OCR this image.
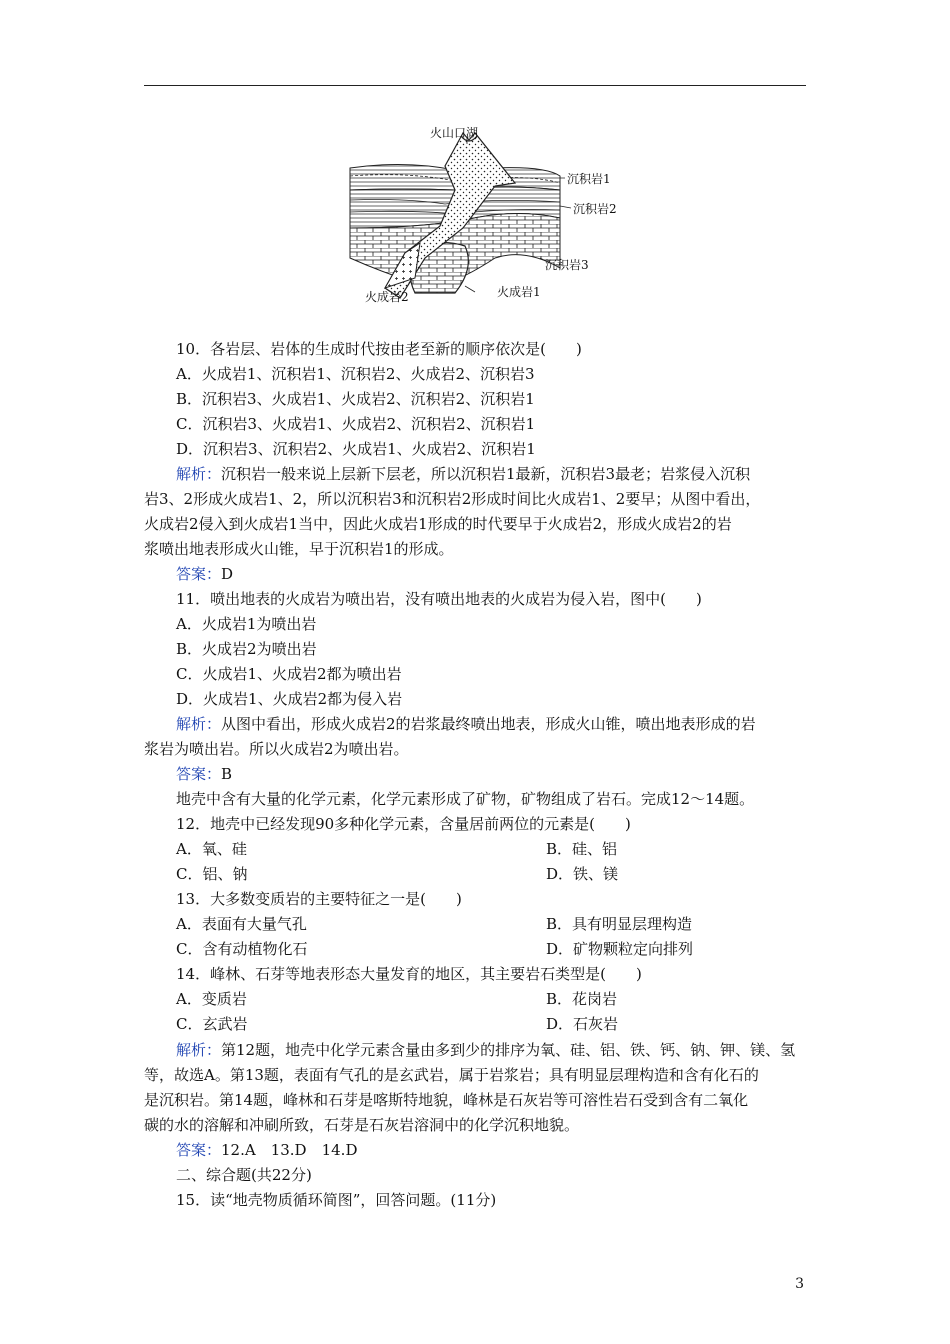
火山口湖
沉积岩1
沉积岩2
沉积岩3
火成岩2	火成岩1
10．各岩层、岩体的生成时代按由老至新的顺序依次是(　　)
A．火成岩1、沉积岩1、沉积岩2、火成岩2、沉积岩3
B．沉积岩3、火成岩1、火成岩2、沉积岩2、沉积岩1
C．沉积岩3、火成岩1、火成岩2、沉积岩2、沉积岩1
D．沉积岩3、沉积岩2、火成岩1、火成岩2、沉积岩1
解析：沉积岩一般来说上层新下层老，所以沉积岩1最新，沉积岩3最老；岩浆侵入沉积
岩3、2形成火成岩1、2，所以沉积岩3和沉积岩2形成时间比火成岩1、2要早；从图中看出，
火成岩2侵入到火成岩1当中，因此火成岩1形成的时代要早于火成岩2，形成火成岩2的岩
浆喷出地表形成火山锥，早于沉积岩1的形成。
答案：D
11．喷出地表的火成岩为喷出岩，没有喷出地表的火成岩为侵入岩，图中(　　)
A．火成岩1为喷出岩
B．火成岩2为喷出岩
C．火成岩1、火成岩2都为喷出岩
D．火成岩1、火成岩2都为侵入岩
解析：从图中看出，形成火成岩2的岩浆最终喷出地表，形成火山锥，喷出地表形成的岩
浆岩为喷出岩。所以火成岩2为喷出岩。
答案：B
地壳中含有大量的化学元素，化学元素形成了矿物，矿物组成了岩石。完成12～14题。
12．地壳中已经发现90多种化学元素，含量居前两位的元素是(　　)
A．氧、硅	B．硅、铝
C．铝、钠	D．铁、镁
13．大多数变质岩的主要特征之一是(　　)
A．表面有大量气孔	B．具有明显层理构造
C．含有动植物化石	D．矿物颗粒定向排列
14．峰林、石芽等地表形态大量发育的地区，其主要岩石类型是(　　)
A．变质岩	B．花岗岩
C．玄武岩	D．石灰岩
解析：第12题，地壳中化学元素含量由多到少的排序为氧、硅、铝、铁、钙、钠、钾、镁、氢
等，故选A。第13题，表面有气孔的是玄武岩，属于岩浆岩；具有明显层理构造和含有化石的
是沉积岩。第14题，峰林和石芽是喀斯特地貌，峰林是石灰岩等可溶性岩石受到含有二氧化
碳的水的溶解和冲刷所致，石芽是石灰岩溶洞中的化学沉积地貌。
答案：12.A　13.D　14.D
二、综合题(共22分)
15．读“地壳物质循环简图”，回答问题。(11分)
3
